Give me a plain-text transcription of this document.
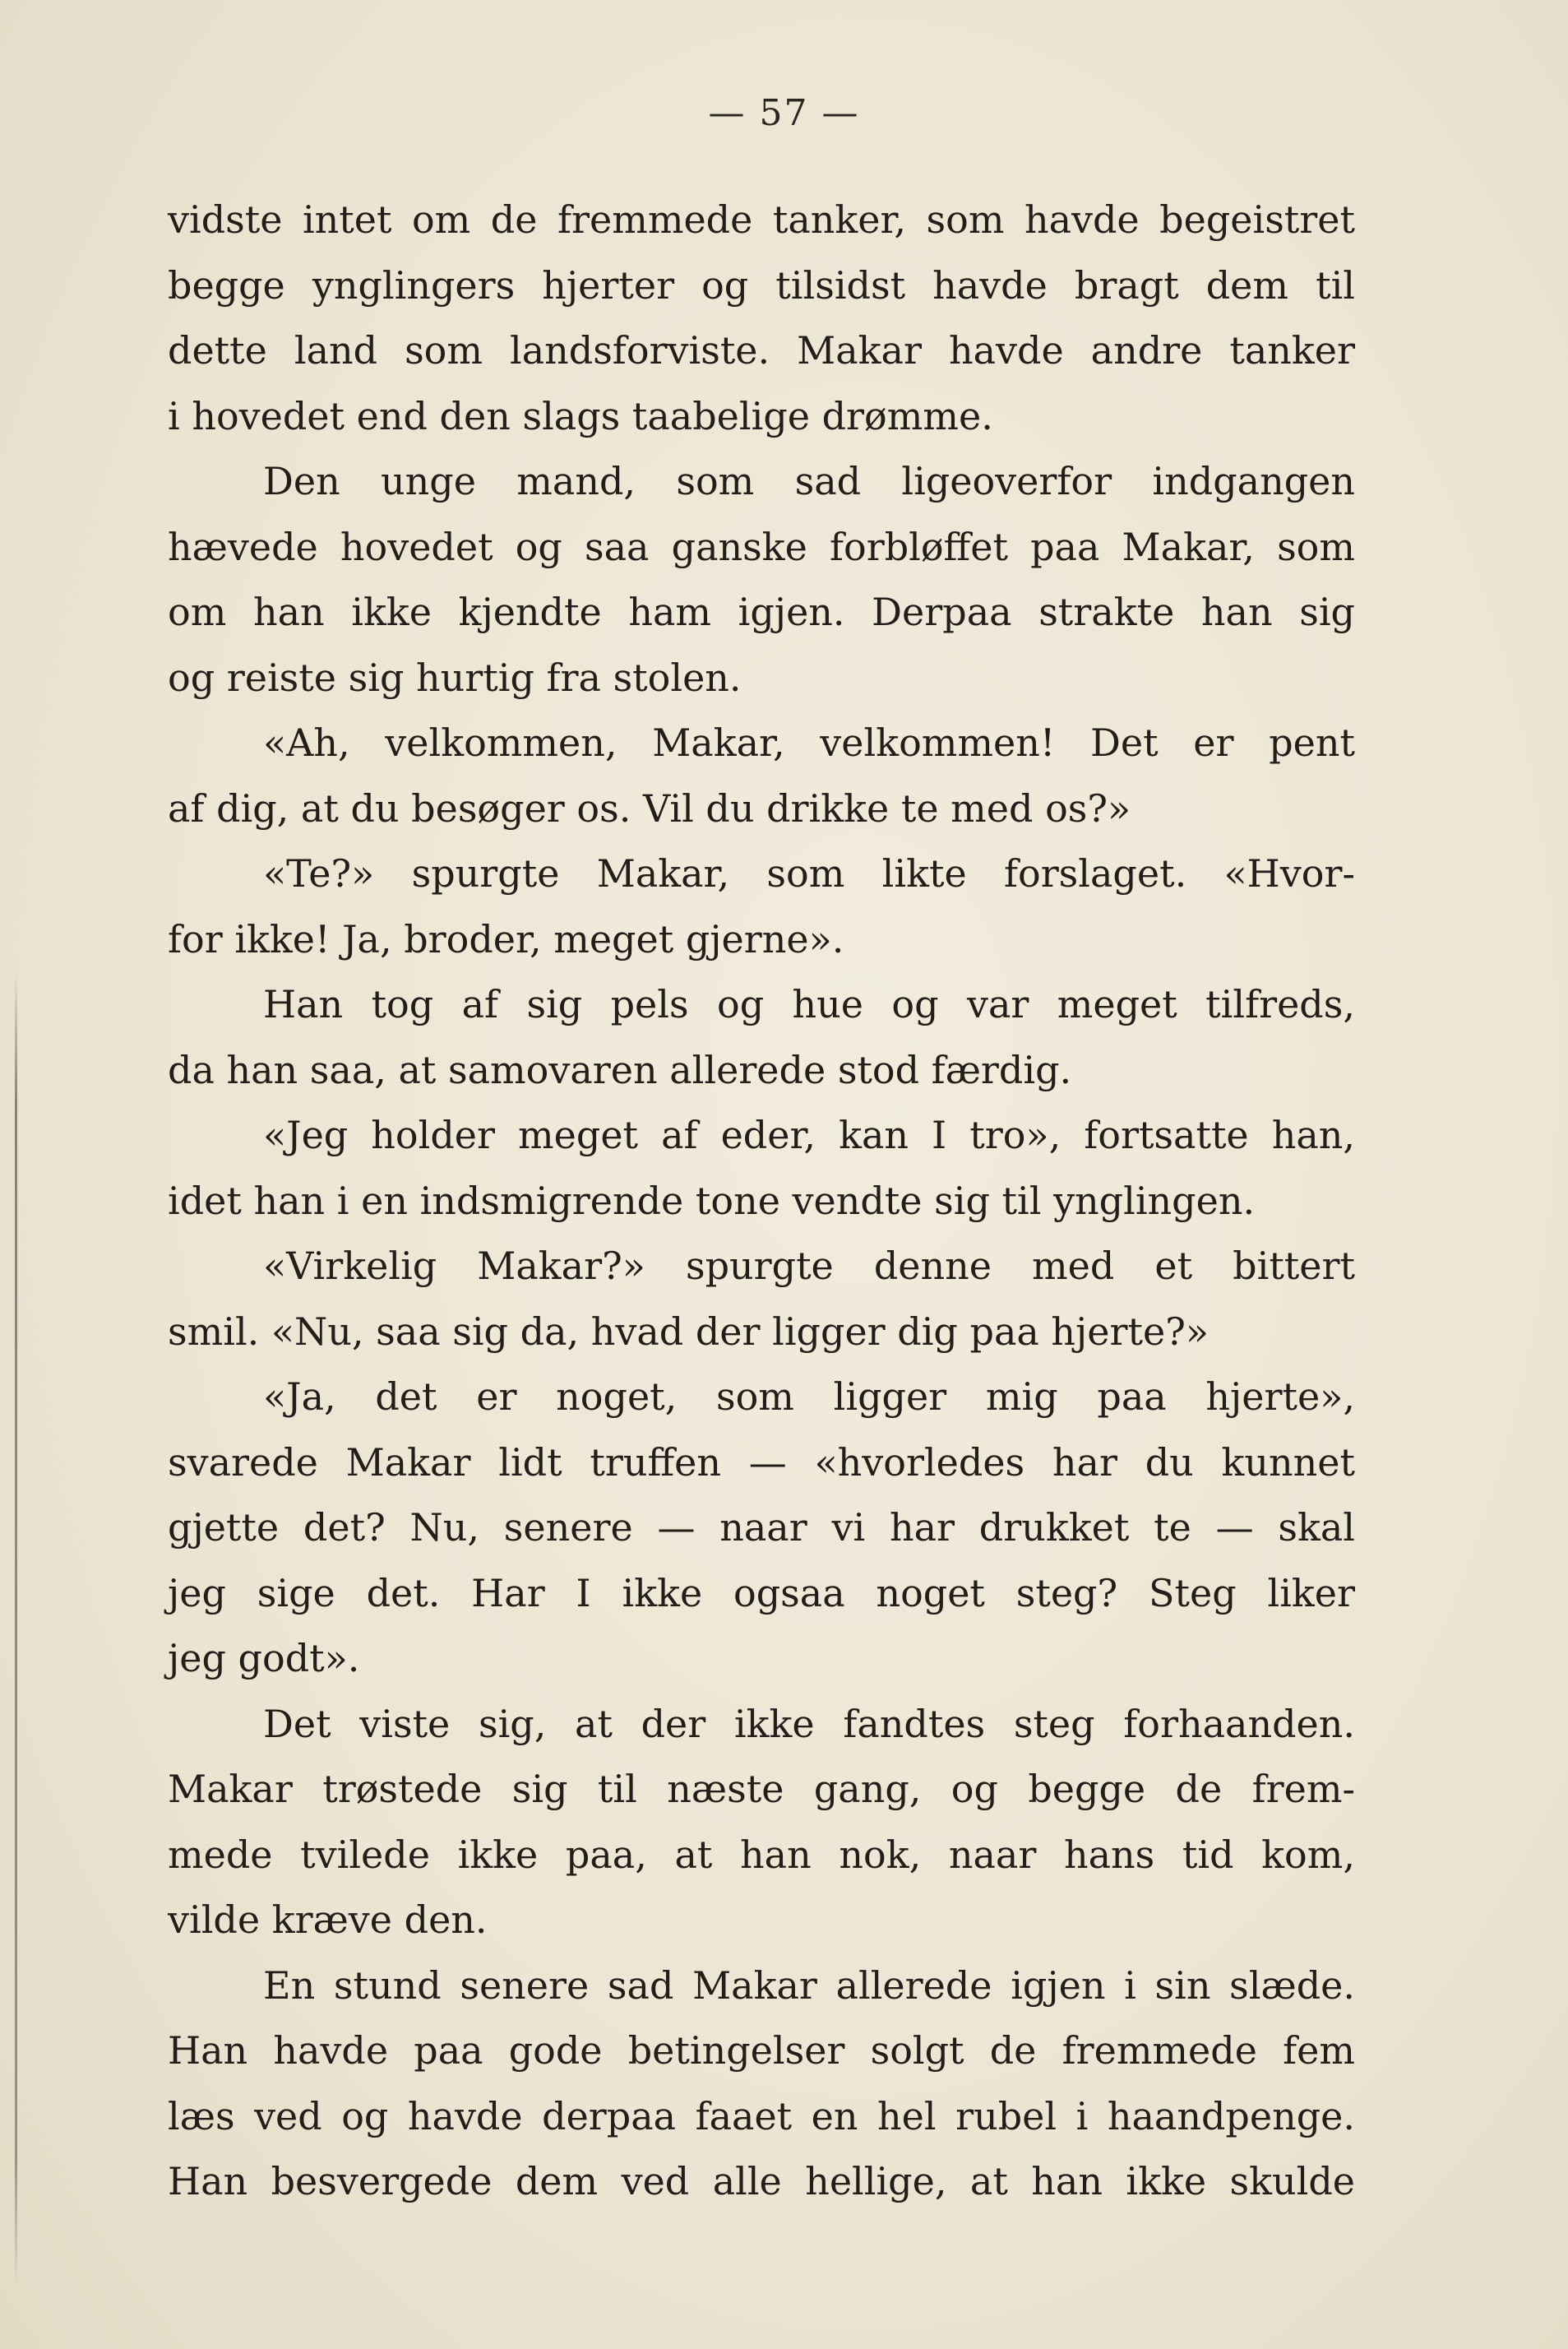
— 57 —
vidste intet om de fremmede tanker, som havde begeistret
begge ynglingers hjerter og tilsidst havde bragt dem til
dette land som landsforviste. Makar havde andre tanker
i hovedet end den slags taabelige drømme.
Den unge mand, som sad ligeoverfor indgangen
hævede hovedet og saa ganske forbløffet paa Makar, som
om han ikke kjendte ham igjen. Derpaa strakte han sig
og reiste sig hurtig fra stolen.
«Ah, velkommen, Makar, velkommen! Det er pent
af dig, at du besøger os. Vil du drikke te med os?»
«Te?» spurgte Makar, som likte forslaget. «Hvor-
for ikke! Ja, broder, meget gjerne».
Han tog af sig pels og hue og var meget tilfreds,
da han saa, at samovaren allerede stod færdig.
«Jeg holder meget af eder, kan I tro», fortsatte han,
idet han i en indsmigrende tone vendte sig til ynglingen.
«Virkelig Makar?» spurgte denne med et bittert
smil. «Nu, saa sig da, hvad der ligger dig paa hjerte?»
«Ja, det er noget, som ligger mig paa hjerte»,
svarede Makar lidt truffen — «hvorledes har du kunnet
gjette det? Nu, senere — naar vi har drukket te — skal
jeg sige det. Har I ikke ogsaa noget steg? Steg liker
jeg godt».
Det viste sig, at der ikke fandtes steg forhaanden.
Makar trøstede sig til næste gang, og begge de frem-
mede tvilede ikke paa, at han nok, naar hans tid kom,
vilde kræve den.
En stund senere sad Makar allerede igjen i sin slæde.
Han havde paa gode betingelser solgt de fremmede fem
læs ved og havde derpaa faaet en hel rubel i haandpenge.
Han besvergede dem ved alle hellige, at han ikke skulde
